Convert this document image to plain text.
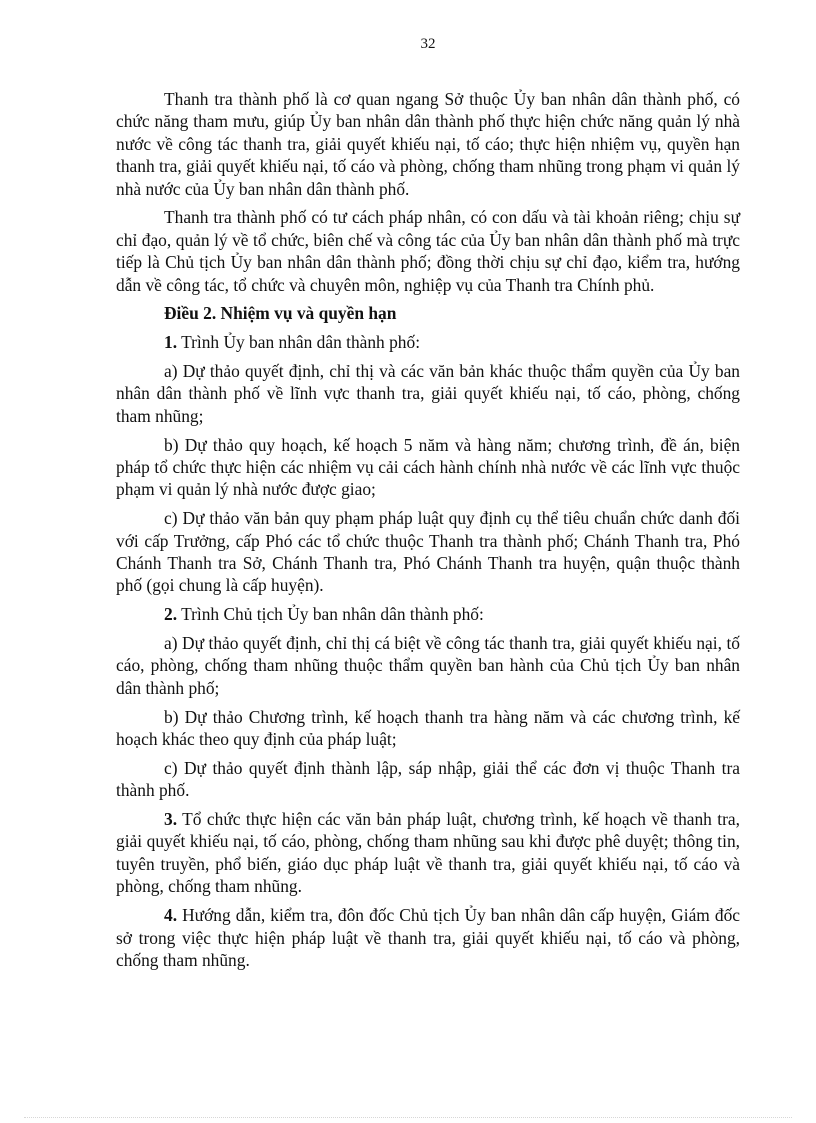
32

Thanh tra thành phố là cơ quan ngang Sở thuộc Ủy ban nhân dân thành phố, có chức năng tham mưu, giúp Ủy ban nhân dân thành phố thực hiện chức năng quản lý nhà nước về công tác thanh tra, giải quyết khiếu nại, tố cáo; thực hiện nhiệm vụ, quyền hạn thanh tra, giải quyết khiếu nại, tố cáo và phòng, chống tham nhũng trong phạm vi quản lý nhà nước của Ủy ban nhân dân thành phố.

Thanh tra thành phố có tư cách pháp nhân, có con dấu và tài khoản riêng; chịu sự chỉ đạo, quản lý về tổ chức, biên chế và công tác của Ủy ban nhân dân thành phố mà trực tiếp là Chủ tịch Ủy ban nhân dân thành phố; đồng thời chịu sự chỉ đạo, kiểm tra, hướng dẫn về công tác, tổ chức và chuyên môn, nghiệp vụ của Thanh tra Chính phủ.

Điều 2. Nhiệm vụ và quyền hạn

1. Trình Ủy ban nhân dân thành phố:

a) Dự thảo quyết định, chỉ thị và các văn bản khác thuộc thẩm quyền của Ủy ban nhân dân thành phố về lĩnh vực thanh tra, giải quyết khiếu nại, tố cáo, phòng, chống tham nhũng;

b) Dự thảo quy hoạch, kế hoạch 5 năm và hàng năm; chương trình, đề án, biện pháp tổ chức thực hiện các nhiệm vụ cải cách hành chính nhà nước về các lĩnh vực thuộc phạm vi quản lý nhà nước được giao;

c) Dự thảo văn bản quy phạm pháp luật quy định cụ thể tiêu chuẩn chức danh đối với cấp Trưởng, cấp Phó các tổ chức thuộc Thanh tra thành phố; Chánh Thanh tra, Phó Chánh Thanh tra Sở, Chánh Thanh tra, Phó Chánh Thanh tra huyện, quận thuộc thành phố (gọi chung là cấp huyện).

2. Trình Chủ tịch Ủy ban nhân dân thành phố:

a) Dự thảo quyết định, chỉ thị cá biệt về công tác thanh tra, giải quyết khiếu nại, tố cáo, phòng, chống tham nhũng thuộc thẩm quyền ban hành của Chủ tịch Ủy ban nhân dân thành phố;

b) Dự thảo Chương trình, kế hoạch thanh tra hàng năm và các chương trình, kế hoạch khác theo quy định của pháp luật;

c) Dự thảo quyết định thành lập, sáp nhập, giải thể các đơn vị thuộc Thanh tra thành phố.

3. Tổ chức thực hiện các văn bản pháp luật, chương trình, kế hoạch về thanh tra, giải quyết khiếu nại, tố cáo, phòng, chống tham nhũng sau khi được phê duyệt; thông tin, tuyên truyền, phổ biến, giáo dục pháp luật về thanh tra, giải quyết khiếu nại, tố cáo và phòng, chống tham nhũng.

4. Hướng dẫn, kiểm tra, đôn đốc Chủ tịch Ủy ban nhân dân cấp huyện, Giám đốc sở trong việc thực hiện pháp luật về thanh tra, giải quyết khiếu nại, tố cáo và phòng, chống tham nhũng.
